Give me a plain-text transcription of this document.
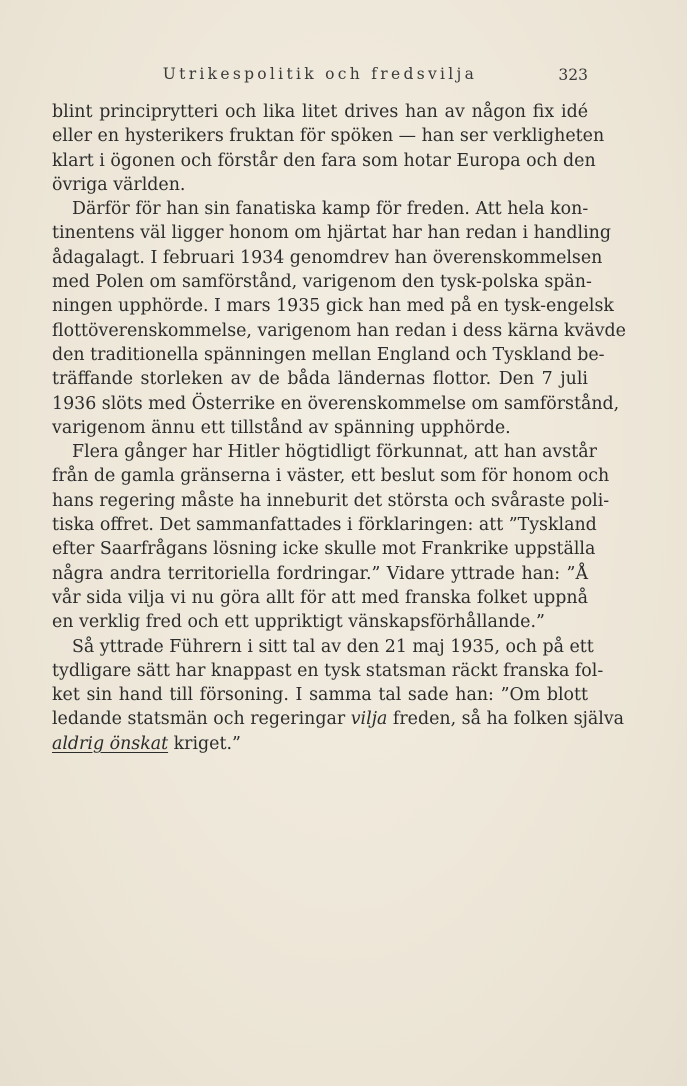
Utrikespolitik och fredsvilja	323
blint principrytteri och lika litet drives han av någon fix idé
eller en hysterikers fruktan för spöken — han ser verkligheten
klart i ögonen och förstår den fara som hotar Europa och den
övriga världen.
Därför för han sin fanatiska kamp för freden. Att hela kon-
tinentens väl ligger honom om hjärtat har han redan i handling
ådagalagt. I februari 1934 genomdrev han överenskommelsen
med Polen om samförstånd, varigenom den tysk-polska spän-
ningen upphörde. I mars 1935 gick han med på en tysk-engelsk
flottöverenskommelse, varigenom han redan i dess kärna kvävde
den traditionella spänningen mellan England och Tyskland be-
träffande storleken av de båda ländernas flottor. Den 7 juli
1936 slöts med Österrike en överenskommelse om samförstånd,
varigenom ännu ett tillstånd av spänning upphörde.
Flera gånger har Hitler högtidligt förkunnat, att han avstår
från de gamla gränserna i väster, ett beslut som för honom och
hans regering måste ha inneburit det största och svåraste poli-
tiska offret. Det sammanfattades i förklaringen: att ”Tyskland
efter Saarfrågans lösning icke skulle mot Frankrike uppställa
några andra territoriella fordringar.” Vidare yttrade han: ”Å
vår sida vilja vi nu göra allt för att med franska folket uppnå
en verklig fred och ett uppriktigt vänskapsförhållande.”
Så yttrade Führern i sitt tal av den 21 maj 1935, och på ett
tydligare sätt har knappast en tysk statsman räckt franska fol-
ket sin hand till försoning. I samma tal sade han: ”Om blott
ledande statsmän och regeringar vilja freden, så ha folken själva
aldrig önskat kriget.”
